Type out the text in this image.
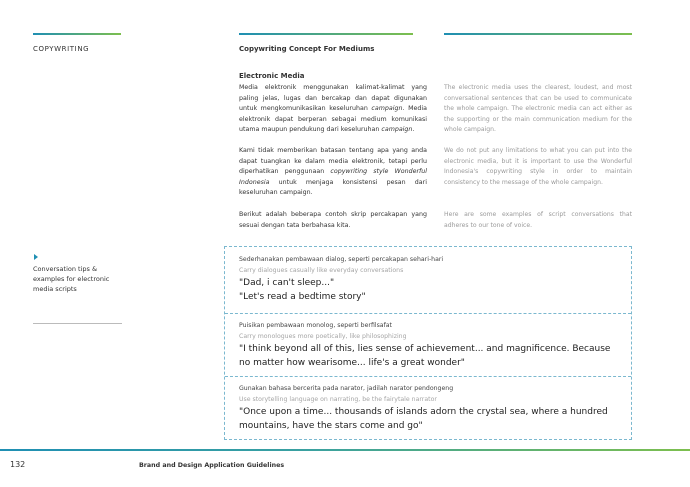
COPYWRITING	Copywriting Concept For Mediums
Electronic Media

Media elektronik menggunakan kalimat-kalimat yang paling jelas, lugas dan bercakap dan dapat digunakan untuk mengkomunikasikan keseluruhan campaign. Media elektronik dapat berperan sebagai medium komunikasi utama maupun pendukung dari keseluruhan campaign.

Kami tidak memberikan batasan tentang apa yang anda dapat tuangkan ke dalam media elektronik, tetapi perlu diperhatikan penggunaan copywriting style Wonderful Indonesia untuk menjaga konsistensi pesan dari keseluruhan campaign.

Berikut adalah beberapa contoh skrip percakapan yang sesuai dengan tata berbahasa kita.

The electronic media uses the clearest, loudest, and most conversational sentences that can be used to communicate the whole campaign. The electronic media can act either as the supporting or the main communication medium for the whole campaign.

We do not put any limitations to what you can put into the electronic media, but it is important to use the Wonderful Indonesia's copywriting style in order to maintain consistency to the message of the whole campaign.

Here are some examples of script conversations that adheres to our tone of voice.

Conversation tips & examples for electronic media scripts
Sederhanakan pembawaan dialog, seperti percakapan sehari-hari
Carry dialogues casually like everyday conversations
"Dad, i can't sleep..."
"Let's read a bedtime story"
Puisikan pembawaan monolog, seperti berfilsafat
Carry monologues more poetically, like philosophizing
"I think beyond all of this, lies sense of achievement... and magnificence. Because no matter how wearisome... life's a great wonder"
Gunakan bahasa bercerita pada narator, jadilah narator pendongeng
Use storytelling language on narrating, be the fairytale narrator
"Once upon a time... thousands of islands adorn the crystal sea, where a hundred mountains, have the stars come and go"
132	Brand and Design Application Guidelines
